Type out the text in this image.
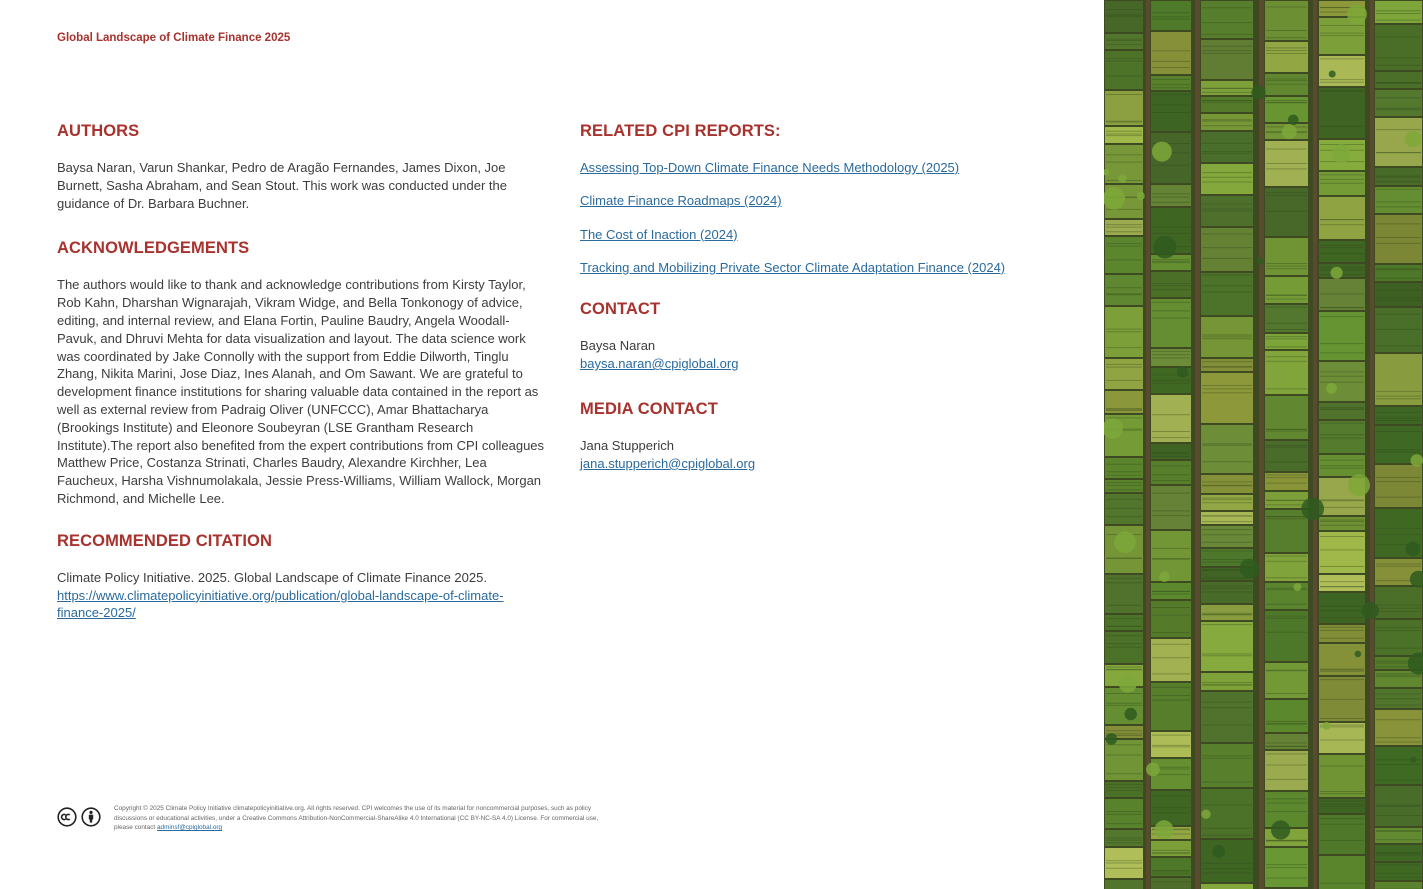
Global Landscape of Climate Finance 2025
AUTHORS

Baysa Naran, Varun Shankar, Pedro de Aragão Fernandes, James Dixon, Joe Burnett, Sasha Abraham, and Sean Stout. This work was conducted under the guidance of Dr. Barbara Buchner.

ACKNOWLEDGEMENTS

The authors would like to thank and acknowledge contributions from Kirsty Taylor, Rob Kahn, Dharshan Wignarajah, Vikram Widge, and Bella Tonkonogy of advice, editing, and internal review, and Elana Fortin, Pauline Baudry, Angela Woodall-Pavuk, and Dhruvi Mehta for data visualization and layout. The data science work was coordinated by Jake Connolly with the support from Eddie Dilworth, Tinglu Zhang, Nikita Marini, Jose Diaz, Ines Alanah, and Om Sawant. We are grateful to development finance institutions for sharing valuable data contained in the report as well as external review from Padraig Oliver (UNFCCC), Amar Bhattacharya (Brookings Institute) and Eleonore Soubeyran (LSE Grantham Research Institute).The report also benefited from the expert contributions from CPI colleagues Matthew Price, Costanza Strinati, Charles Baudry, Alexandre Kirchher, Lea Faucheux, Harsha Vishnumolakala, Jessie Press-Williams, William Wallock, Morgan Richmond, and Michelle Lee.

RECOMMENDED CITATION

Climate Policy Initiative. 2025. Global Landscape of Climate Finance 2025.

https://www.climatepolicyinitiative.org/publication/global-landscape-of-climate-finance-2025/
RELATED CPI REPORTS:
Assessing Top-Down Climate Finance Needs Methodology (2025)
Climate Finance Roadmaps (2024)
The Cost of Inaction (2024)
Tracking and Mobilizing Private Sector Climate Adaptation Finance (2024)
CONTACT
Baysa Naran
baysa.naran@cpiglobal.org
MEDIA CONTACT
Jana Stupperich
jana.stupperich@cpiglobal.org
Copyright © 2025 Climate Policy Initiative climatepolicyinitiative.org. All rights reserved. CPI welcomes the use of its material for noncommercial purposes, such as policy discussions or educational activities, under a Creative Commons Attribution-NonCommercial-ShareAlike 4.0 International (CC BY-NC-SA 4.0) License. For commercial use, please contact adminsf@cpiglobal.org
